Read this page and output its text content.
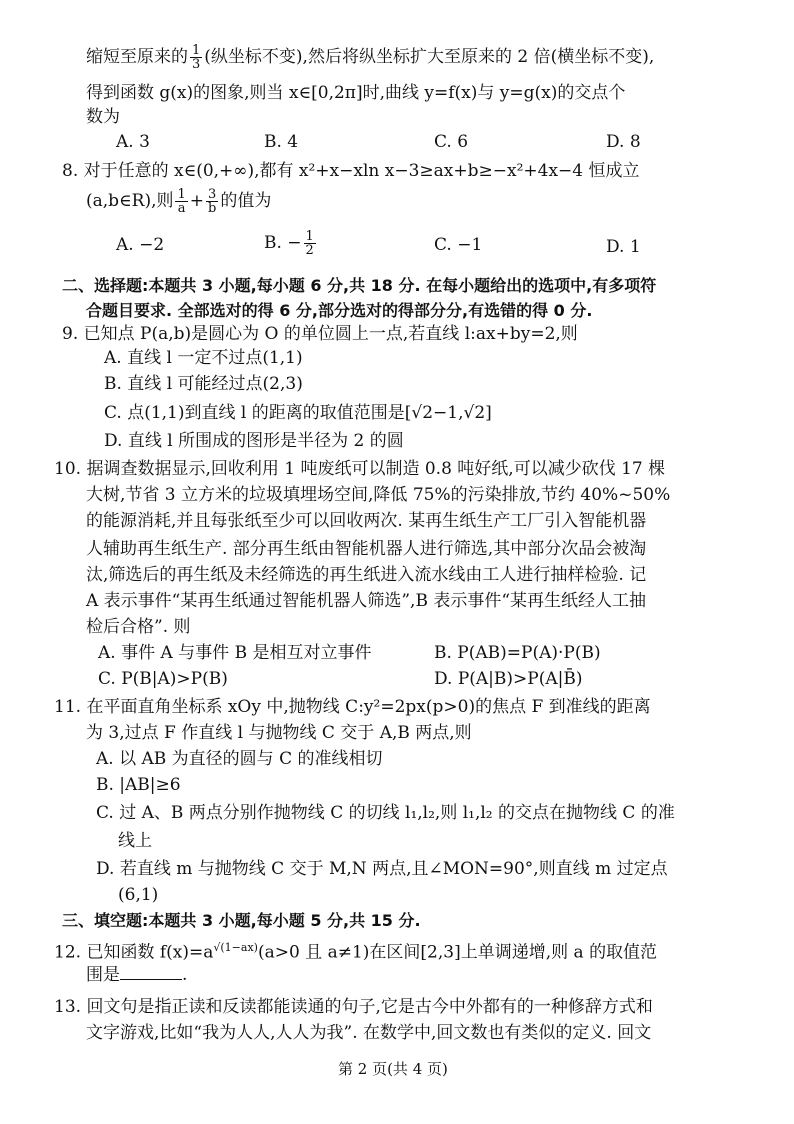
缩短至原来的 $\frac{1}{3}$ (纵坐标不变),然后将纵坐标扩大至原来的 2 倍(横坐标不变),
得到函数 g(x)的图象,则当 x∈[0,2π]时,曲线 y=f(x)与 y=g(x)的交点个
数为
A. 3	B. 4	C. 6	D. 8
8. 对于任意的 x∈(0,+∞),都有 x²+x−xln x−3≥ax+b≥−x²+4x−4 恒成立
(a,b∈R),则 $\frac{1}{a} + \frac{3}{b}$ 的值为
A. −2	B. − $\frac{1}{2}$	C. −1	D. 1
二、选择题:本题共 3 小题,每小题 6 分,共 18 分. 在每小题给出的选项中,有多项符
合题目要求. 全部选对的得 6 分,部分选对的得部分分,有选错的得 0 分.
9. 已知点 P(a,b)是圆心为 O 的单位圆上一点,若直线 l:ax+by=2,则
A. 直线 l 一定不过点(1,1)
B. 直线 l 可能经过点(2,3)
C. 点(1,1)到直线 l 的距离的取值范围是[√2−1,√2]
D. 直线 l 所围成的图形是半径为 2 的圆
10. 据调查数据显示,回收利用 1 吨废纸可以制造 0.8 吨好纸,可以减少砍伐 17 棵
大树,节省 3 立方米的垃圾填埋场空间,降低 75%的污染排放,节约 40%~50%
的能源消耗,并且每张纸至少可以回收两次. 某再生纸生产工厂引入智能机器
人辅助再生纸生产. 部分再生纸由智能机器人进行筛选,其中部分次品会被淘
汰,筛选后的再生纸及未经筛选的再生纸进入流水线由工人进行抽样检验. 记
A 表示事件“某再生纸通过智能机器人筛选”,B 表示事件“某再生纸经人工抽
检后合格”. 则
A. 事件 A 与事件 B 是相互对立事件	B. P(AB)=P(A)·P(B)
C. P(B|A)>P(B)	D. P(A|B)>P(A|B̄)
11. 在平面直角坐标系 xOy 中,抛物线 C:y²=2px(p>0)的焦点 F 到准线的距离
为 3,过点 F 作直线 l 与抛物线 C 交于 A,B 两点,则
A. 以 AB 为直径的圆与 C 的准线相切
B. |AB|≥6
C. 过 A、B 两点分别作抛物线 C 的切线 l₁,l₂,则 l₁,l₂ 的交点在抛物线 C 的准
线上
D. 若直线 m 与抛物线 C 交于 M,N 两点,且∠MON=90°,则直线 m 过定点
(6,1)
三、填空题:本题共 3 小题,每小题 5 分,共 15 分.
12. 已知函数 $f(x)=a^{√(1-ax)}(a>0$ 且 a≠1)在区间[2,3]上单调递增,则 a 的取值范
围是	.
13. 回文句是指正读和反读都能读通的句子,它是古今中外都有的一种修辞方式和
文字游戏,比如“我为人人,人人为我”. 在数学中,回文数也有类似的定义. 回文
第 2 页(共 4 页)
